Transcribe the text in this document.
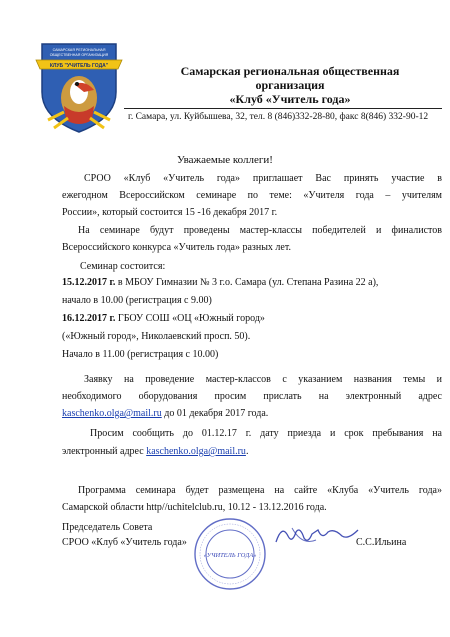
САМАРСКАЯ РЕГИОНАЛЬНАЯ
ОБЩЕСТВЕННАЯ ОРГАНИЗАЦИЯ
КЛУБ "УЧИТЕЛЬ ГОДА"	Самарская региональная общественная
организация
«Клуб «Учитель года»
г. Самара, ул. Куйбышева, 32, тел. 8 (846)332-28-80, факс 8(846) 332-90-12
Уважаемые коллеги!
СРОО «Клуб «Учитель года» приглашает Вас принять участие в
ежегодном Всероссийском семинаре по теме: «Учителя года – учителям
России», который состоится 15 -16 декабря 2017 г.
На семинаре будут проведены мастер-классы победителей и финалистов
Всероссийского конкурса «Учитель года» разных лет.
Семинар состоится:
15.12.2017 г. в МБОУ Гимназии № 3 г.о. Самара (ул. Степана Разина 22 а),
начало в 10.00 (регистрация с 9.00)
16.12.2017 г. ГБОУ СОШ «ОЦ «Южный город»
(«Южный город», Николаевский просп. 50).
Начало в 11.00 (регистрация с 10.00)
Заявку на проведение мастер-классов с указанием названия темы и
необходимого оборудования просим прислать на электронный адрес
kaschenko.olga@mail.ru до 01 декабря 2017 года.
Просим сообщить до 01.12.17 г. дату приезда и срок пребывания на
электронный адрес kaschenko.olga@mail.ru.
Программа семинара будет размещена на сайте «Клуба «Учитель года»
Самарской области http//uchitelclub.ru, 10.12 - 13.12.2016 года.
Председатель Совета
СРОО «Клуб «Учитель года»	С.С.Ильина
«УЧИТЕЛЬ ГОДА»
